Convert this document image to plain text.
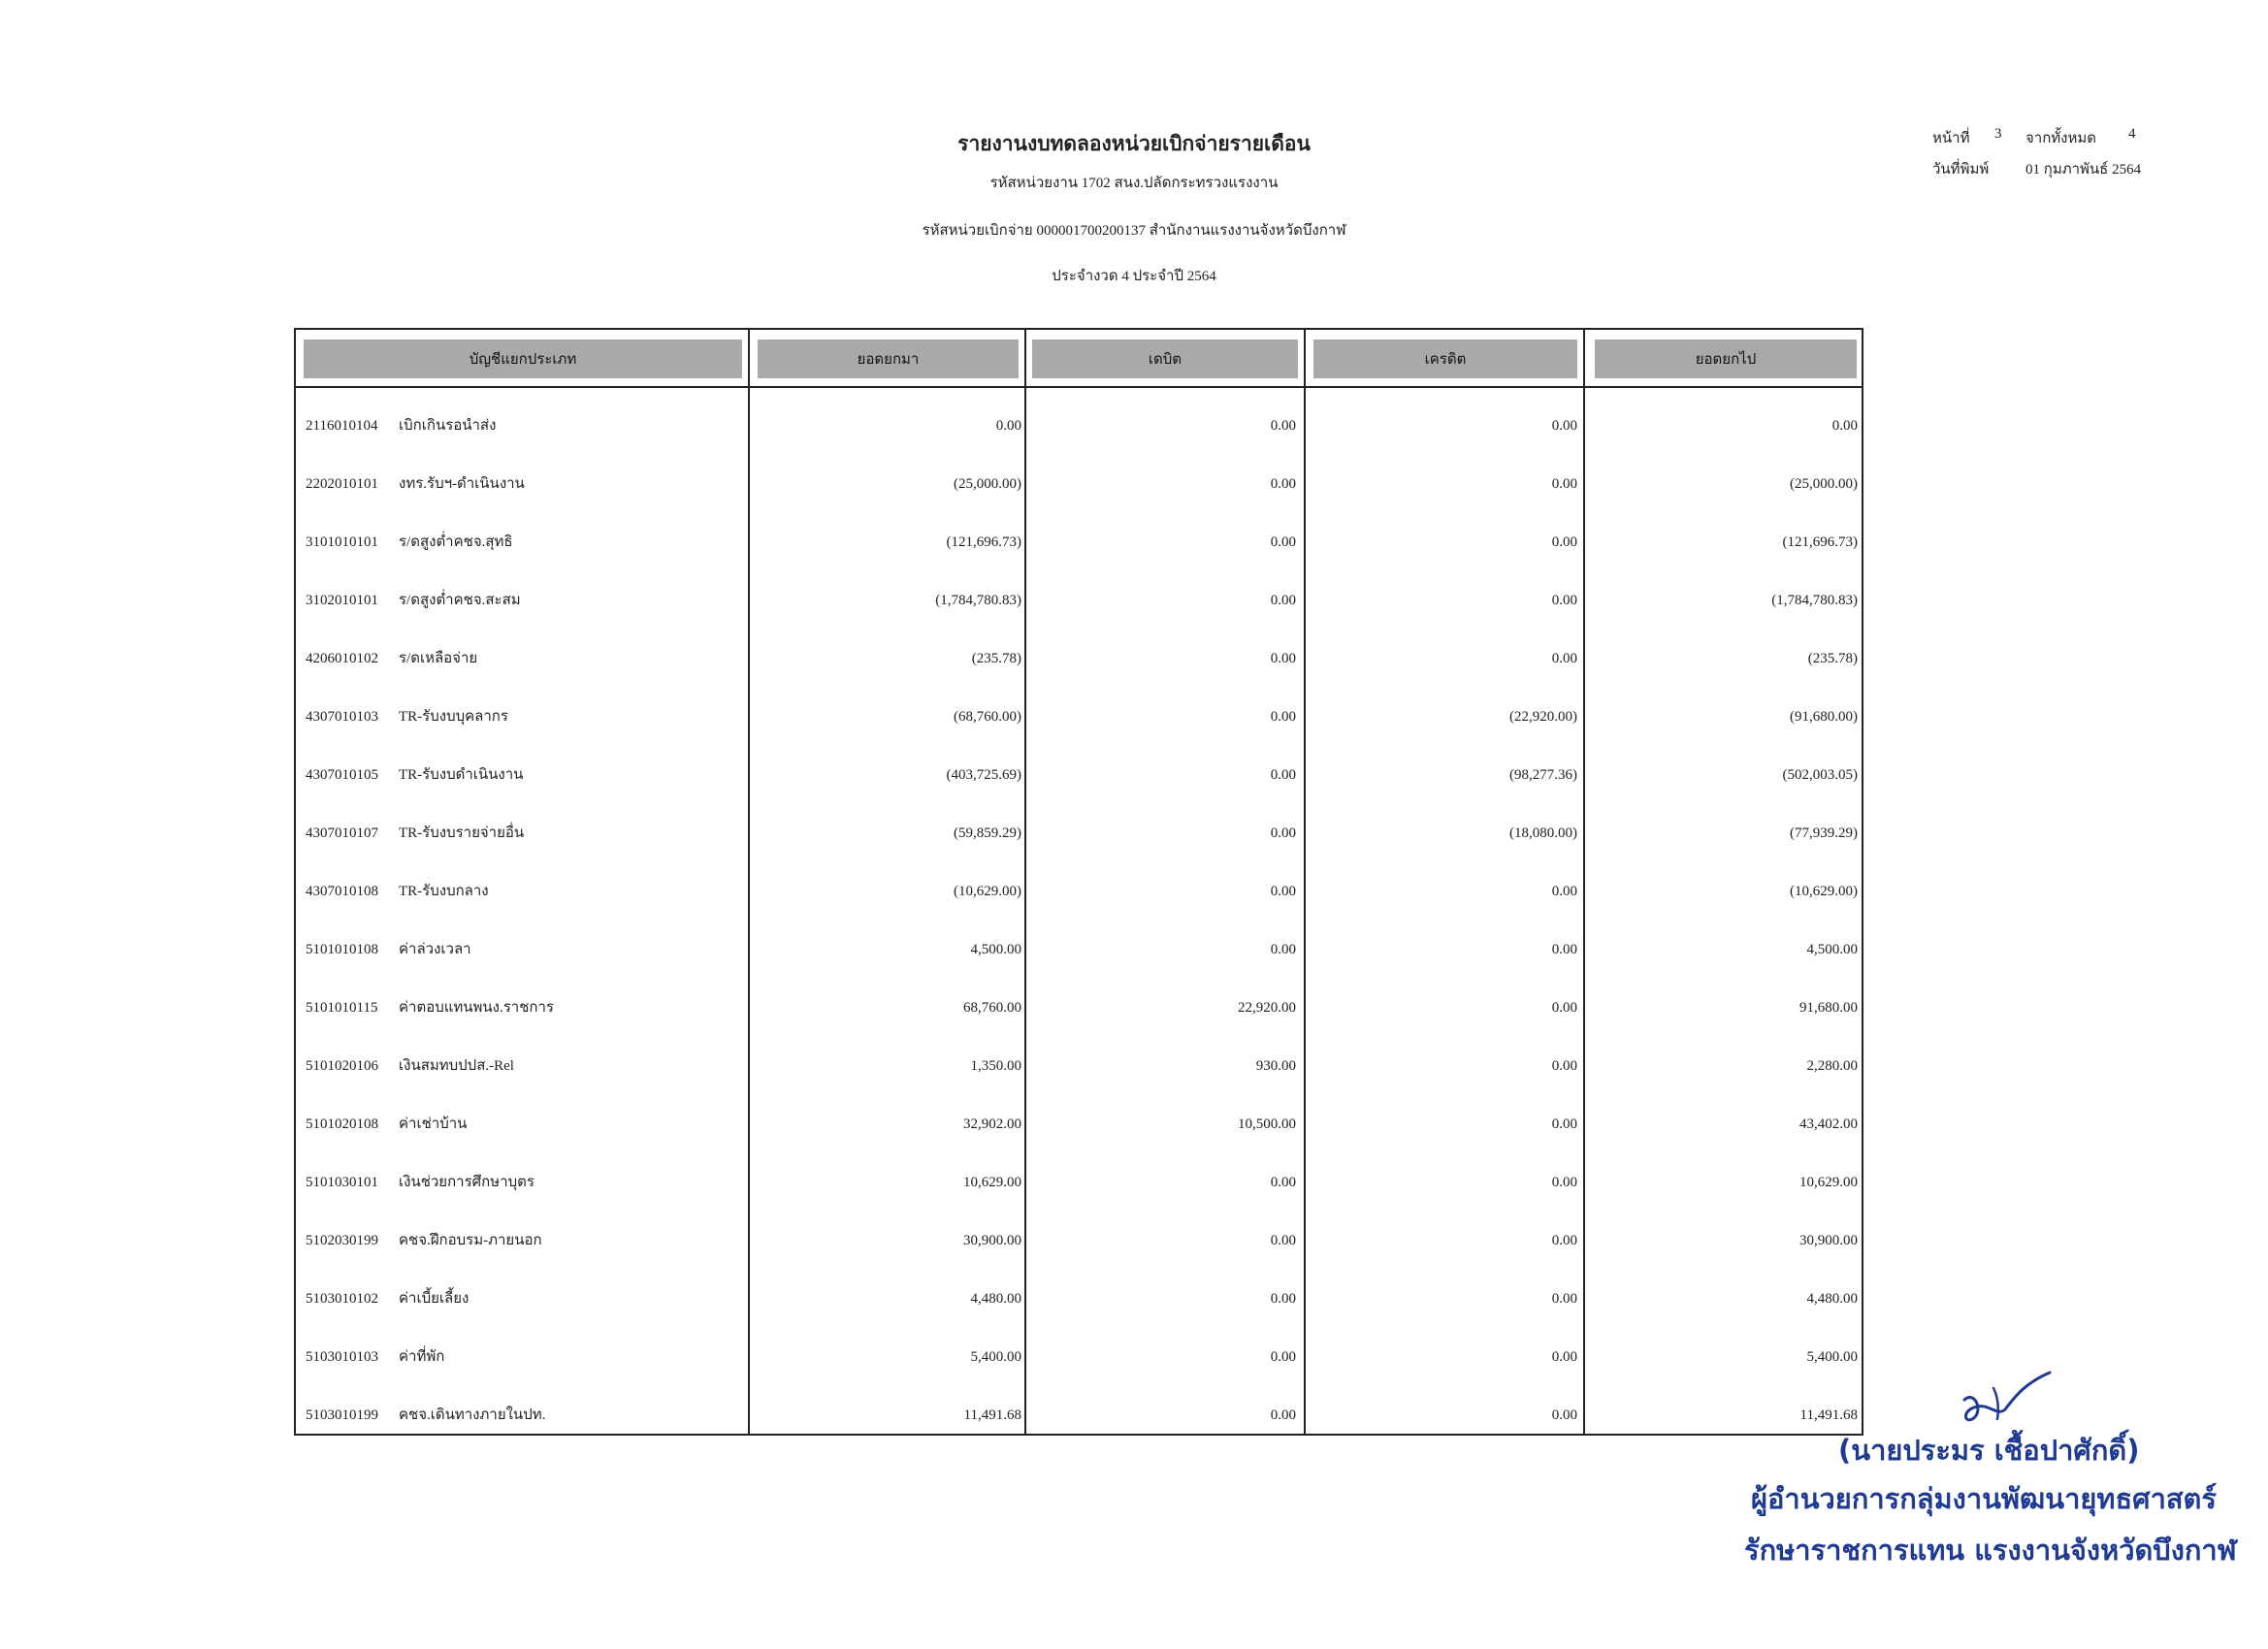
รายงานงบทดลองหน่วยเบิกจ่ายรายเดือน
รหัสหน่วยงาน 1702 สนง.ปลัดกระทรวงแรงงาน
รหัสหน่วยเบิกจ่าย 000001700200137 สำนักงานแรงงานจังหวัดบึงกาฬ
ประจำงวด 4 ประจำปี 2564
หน้าที่ 3 จากทั้งหมด 4
วันที่พิมพ์	01 กุมภาพันธ์ 2564
บัญชีแยกประเภท	ยอดยกมา	เดบิต	เครดิต	ยอดยกไป
2116010104 เบิกเกินรอนำส่ง	0.00	0.00	0.00	0.00
2202010101 งทร.รับฯ-ดำเนินงาน	(25,000.00)	0.00	0.00	(25,000.00)
3101010101 ร/ดสูงต่ำคชจ.สุทธิ	(121,696.73)	0.00	0.00	(121,696.73)
3102010101 ร/ดสูงต่ำคชจ.สะสม	(1,784,780.83)	0.00	0.00	(1,784,780.83)
4206010102 ร/ดเหลือจ่าย	(235.78)	0.00	0.00	(235.78)
4307010103 TR-รับงบบุคลากร	(68,760.00)	0.00	(22,920.00)	(91,680.00)
4307010105 TR-รับงบดำเนินงาน	(403,725.69)	0.00	(98,277.36)	(502,003.05)
4307010107 TR-รับงบรายจ่ายอื่น	(59,859.29)	0.00	(18,080.00)	(77,939.29)
4307010108 TR-รับงบกลาง	(10,629.00)	0.00	0.00	(10,629.00)
5101010108 ค่าล่วงเวลา	4,500.00	0.00	0.00	4,500.00
5101010115 ค่าตอบแทนพนง.ราชการ	68,760.00	22,920.00	0.00	91,680.00
5101020106 เงินสมทบปปส.-Rel	1,350.00	930.00	0.00	2,280.00
5101020108 ค่าเช่าบ้าน	32,902.00	10,500.00	0.00	43,402.00
5101030101 เงินช่วยการศึกษาบุตร	10,629.00	0.00	0.00	10,629.00
5102030199 คชจ.ฝึกอบรม-ภายนอก	30,900.00	0.00	0.00	30,900.00
5103010102 ค่าเบี้ยเลี้ยง	4,480.00	0.00	0.00	4,480.00
5103010103 ค่าที่พัก	5,400.00	0.00	0.00	5,400.00
5103010199 คชจ.เดินทางภายในปท.	11,491.68	0.00	0.00	11,491.68
(นายประมร เชื้อปาศักดิ์)
ผู้อำนวยการกลุ่มงานพัฒนายุทธศาสตร์
รักษาราชการแทน แรงงานจังหวัดบึงกาฬ
